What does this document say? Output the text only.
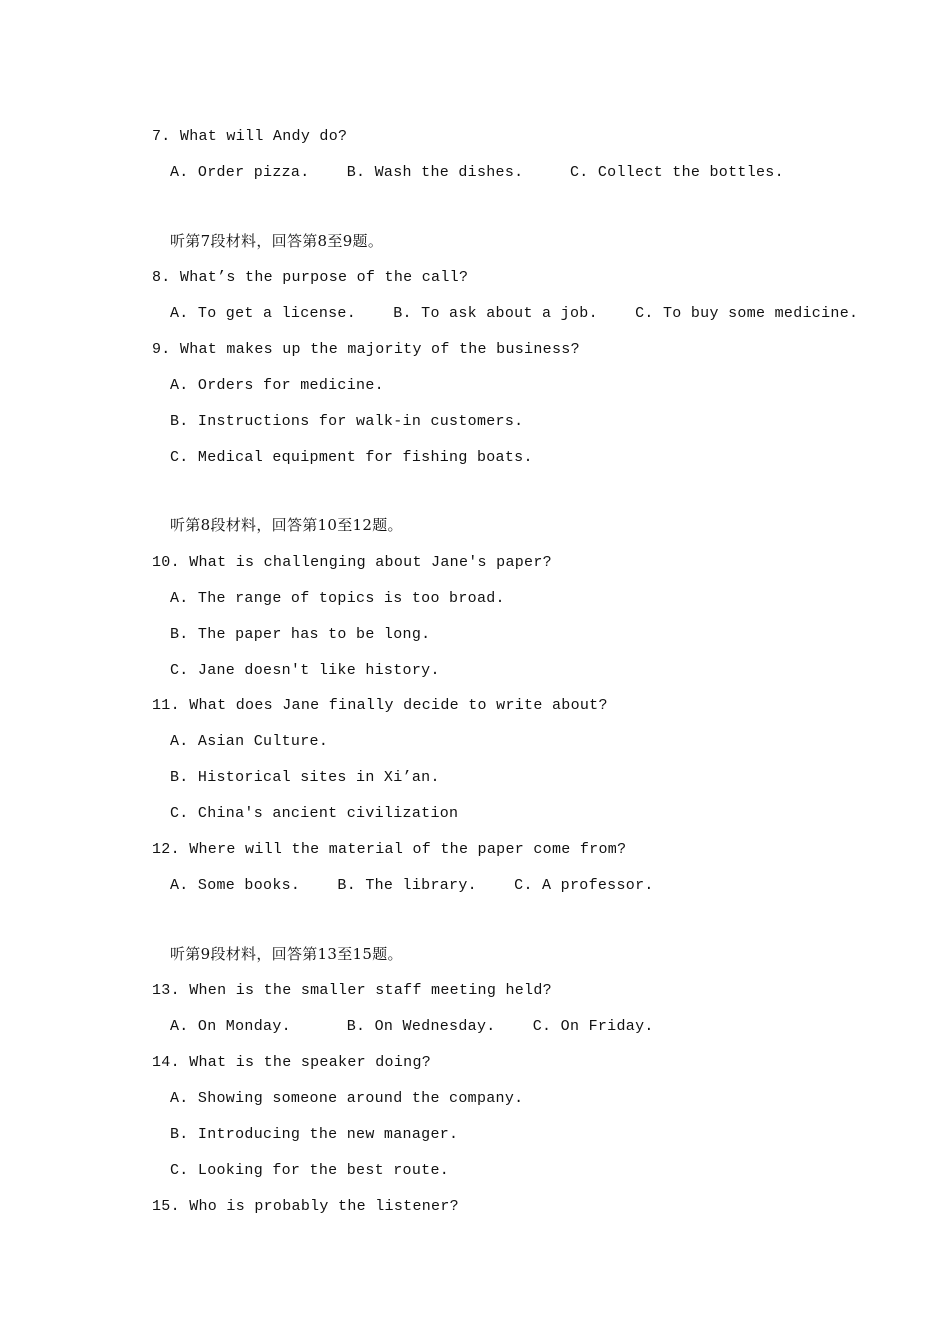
7. What will Andy do?
A. Order pizza.    B. Wash the dishes.     C. Collect the bottles.
听第7段材料，回答第8至9题。
8. What’s the purpose of the call?
A. To get a license.    B. To ask about a job.    C. To buy some medicine.
9. What makes up the majority of the business?
A. Orders for medicine.
B. Instructions for walk-in customers.
C. Medical equipment for fishing boats.
听第8段材料，回答第10至12题。
10. What is challenging about Jane's paper?
A. The range of topics is too broad.
B. The paper has to be long.
C. Jane doesn't like history.
11. What does Jane finally decide to write about?
A. Asian Culture.
B. Historical sites in Xi’an.
C. China's ancient civilization
12. Where will the material of the paper come from?
A. Some books.    B. The library.    C. A professor.
听第9段材料，回答第13至15题。
13. When is the smaller staff meeting held?
A. On Monday.      B. On Wednesday.    C. On Friday.
14. What is the speaker doing?
A. Showing someone around the company.
B. Introducing the new manager.
C. Looking for the best route.
15. Who is probably the listener?
